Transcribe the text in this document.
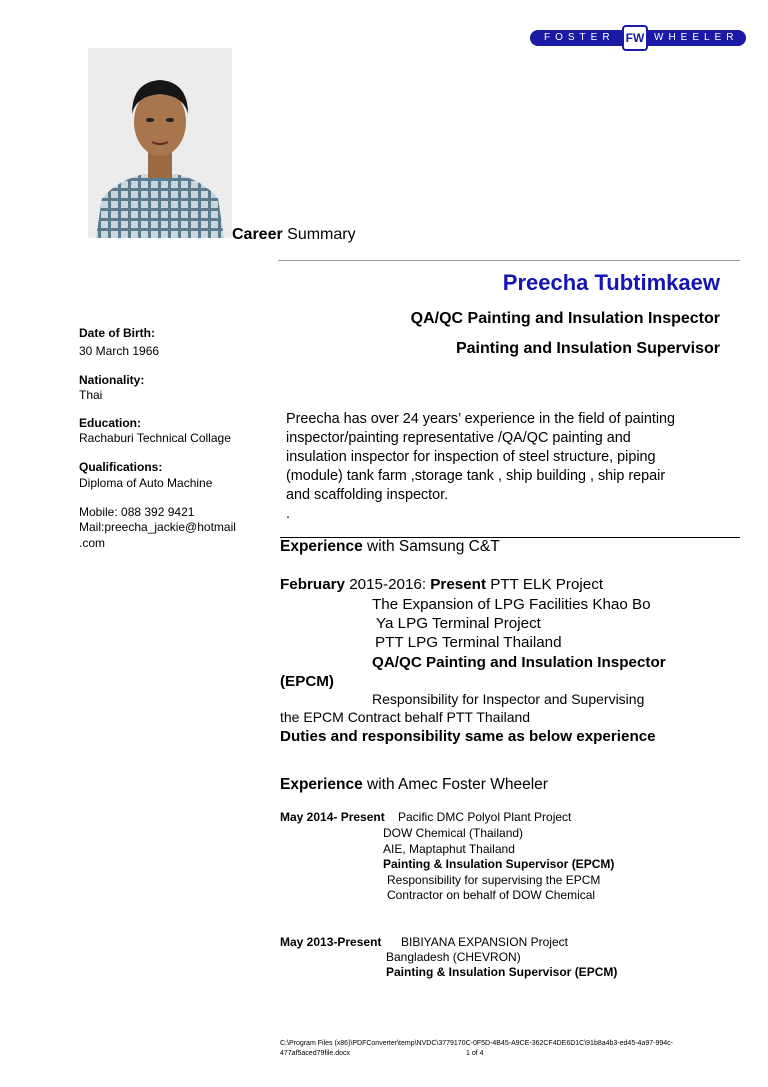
FOSTER FW WHEELER
Career Summary
Preecha Tubtimkaew
QA/QC Painting and Insulation Inspector
Painting and Insulation Supervisor
Date of Birth:
30 March 1966
Nationality:
Thai
Education:
Rachaburi Technical Collage
Qualifications:
Diploma of Auto Machine
Mobile: 088 392 9421
Mail:preecha_jackie@hotmail
.com
Preecha has over 24 years’ experience in the field of painting
inspector/painting representative /QA/QC painting and
insulation inspector for inspection of steel structure, piping
(module) tank farm ,storage tank , ship building , ship repair
and scaffolding inspector.
.
Experience with Samsung C&T
February 2015-2016: Present PTT ELK Project
The Expansion of LPG Facilities Khao Bo
Ya LPG Terminal Project
PTT LPG Terminal Thailand
QA/QC Painting and Insulation Inspector
(EPCM)
Responsibility for Inspector and Supervising
the EPCM Contract behalf PTT Thailand
Duties and responsibility same as below experience
Experience with Amec Foster Wheeler
May 2014- Present Pacific DMC Polyol Plant Project
DOW Chemical (Thailand)
AIE, Maptaphut Thailand
Painting & Insulation Supervisor (EPCM)
Responsibility for supervising the EPCM
Contractor on behalf of DOW Chemical
May 2013-Present BIBIYANA EXPANSION Project
Bangladesh (CHEVRON)
Painting & Insulation Supervisor (EPCM)
C:\Program Files (x86)\PDFConverter\temp\NVDC\3779170C-0F5D-4B45-A9CE-362CF4DE6D1C\91b8a4b3-ed45-4a97-994c-
477af5aced79file.docx	1 of 4
